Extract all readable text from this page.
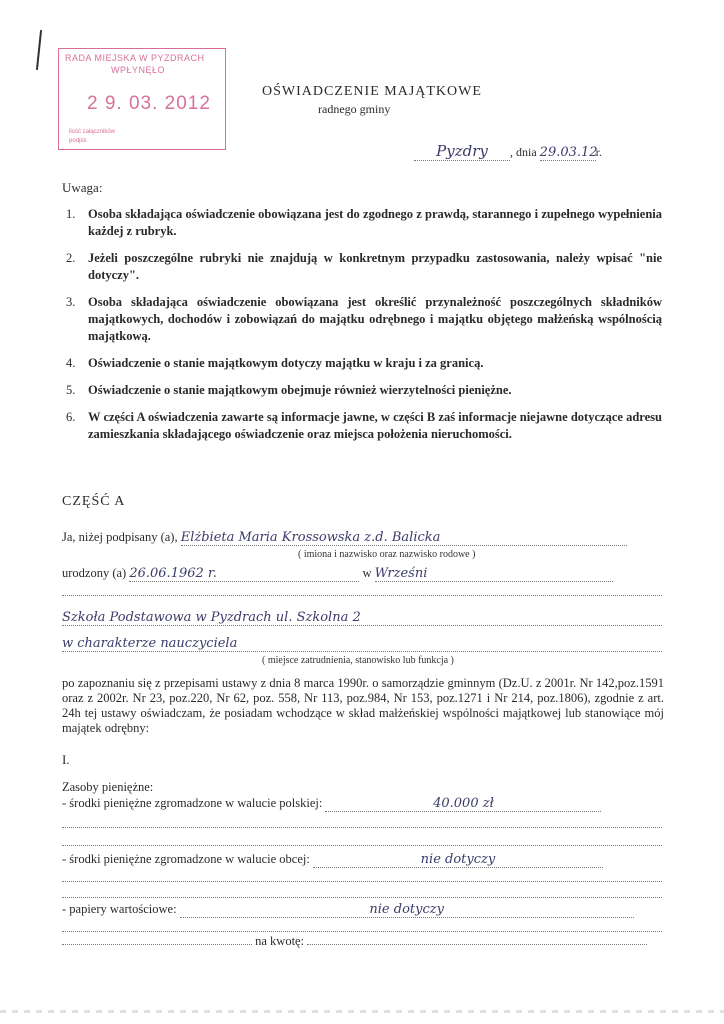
RADA MIEJSKA W PYZDRACH
WPŁYNĘŁO
2 9. 03. 2012
ilość załączników
podpis
OŚWIADCZENIE MAJĄTKOWE
radnego gminy
Pyzdry , dnia 29.03.12r.
Uwaga:
1. Osoba składająca oświadczenie obowiązana jest do zgodnego z prawdą, starannego i zupełnego wypełnienia każdej z rubryk.
2. Jeżeli poszczególne rubryki nie znajdują w konkretnym przypadku zastosowania, należy wpisać "nie dotyczy".
3. Osoba składająca oświadczenie obowiązana jest określić przynależność poszczególnych składników majątkowych, dochodów i zobowiązań do majątku odrębnego i majątku objętego małżeńską wspólnością majątkową.
4. Oświadczenie o stanie majątkowym dotyczy majątku w kraju i za granicą.
5. Oświadczenie o stanie majątkowym obejmuje również wierzytelności pieniężne.
6. W części A oświadczenia zawarte są informacje jawne, w części B zaś informacje niejawne dotyczące adresu zamieszkania składającego oświadczenie oraz miejsca położenia nieruchomości.
CZĘŚĆ A
Ja, niżej podpisany (a), Elżbieta Maria Krossowska z.d. Balicka
( imiona i nazwisko oraz nazwisko rodowe )
urodzony (a) 26.06.1962 r.	w Wrześni
Szkoła Podstawowa w Pyzdrach ul. Szkolna 2
w charakterze nauczyciela
( miejsce zatrudnienia, stanowisko lub funkcja )
po zapoznaniu się z przepisami ustawy z dnia 8 marca 1990r. o samorządzie gminnym (Dz.U. z 2001r. Nr 142,poz.1591 oraz z 2002r. Nr 23, poz.220, Nr 62, poz. 558, Nr 113, poz.984, Nr 153, poz.1271 i Nr 214, poz.1806), zgodnie z art. 24h tej ustawy oświadczam, że posiadam wchodzące w skład małżeńskiej wspólności majątkowej lub stanowiące mój majątek odrębny:
I.
Zasoby pieniężne:
- środki pieniężne zgromadzone w walucie polskiej:	40.000 zł
- środki pieniężne zgromadzone w walucie obcej:	nie dotyczy
- papiery wartościowe:	nie dotyczy
na kwotę:
